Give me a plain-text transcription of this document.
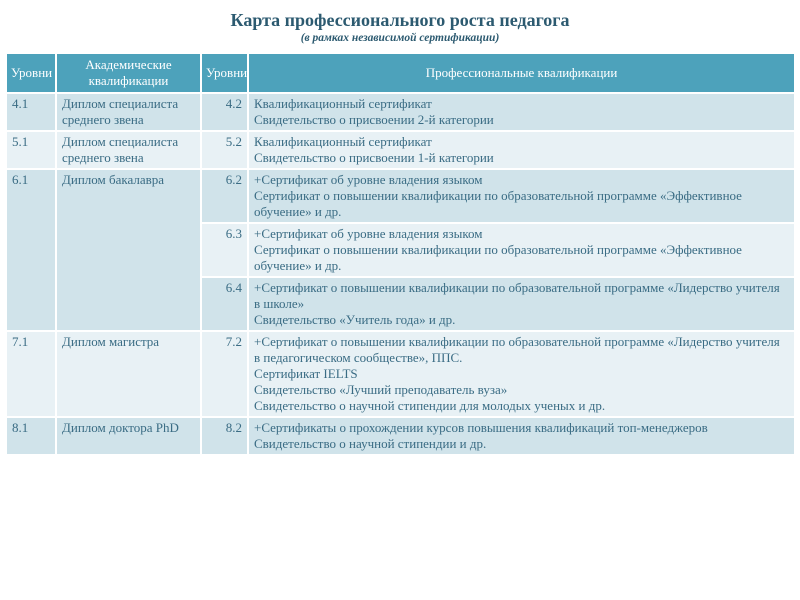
Карта профессионального роста педагога
(в рамках независимой сертификации)
Уровни	Академические квалификации	Уровни	Профессиональные квалификации
4.1	Диплом специалиста среднего звена	4.2	Квалификационный сертификат
Свидетельство о присвоении 2-й категории

5.1	Диплом специалиста среднего звена	5.2	Квалификационный сертификат
Свидетельство о присвоении 1-й категории

6.1	Диплом бакалавра	6.2	+Сертификат об уровне владения языком
Сертификат о повышении квалификации по образовательной программе «Эффективное обучение» и др.

		6.3	+Сертификат об уровне владения языком
Сертификат о повышении квалификации по образовательной программе «Эффективное обучение» и др.

		6.4	+Сертификат о повышении квалификации по образовательной программе «Лидерство учителя в школе»
Свидетельство «Учитель года» и др.

7.1	Диплом магистра	7.2	+Сертификат о повышении квалификации по образовательной программе «Лидерство учителя в педагогическом сообществе», ППС.
Сертификат IELTS
Свидетельство «Лучший преподаватель вуза»
Свидетельство о научной стипендии для молодых ученых и др.

8.1	Диплом доктора PhD	8.2	+Сертификаты о прохождении курсов повышения квалификаций топ-менеджеров
Свидетельство о научной стипендии и др.
